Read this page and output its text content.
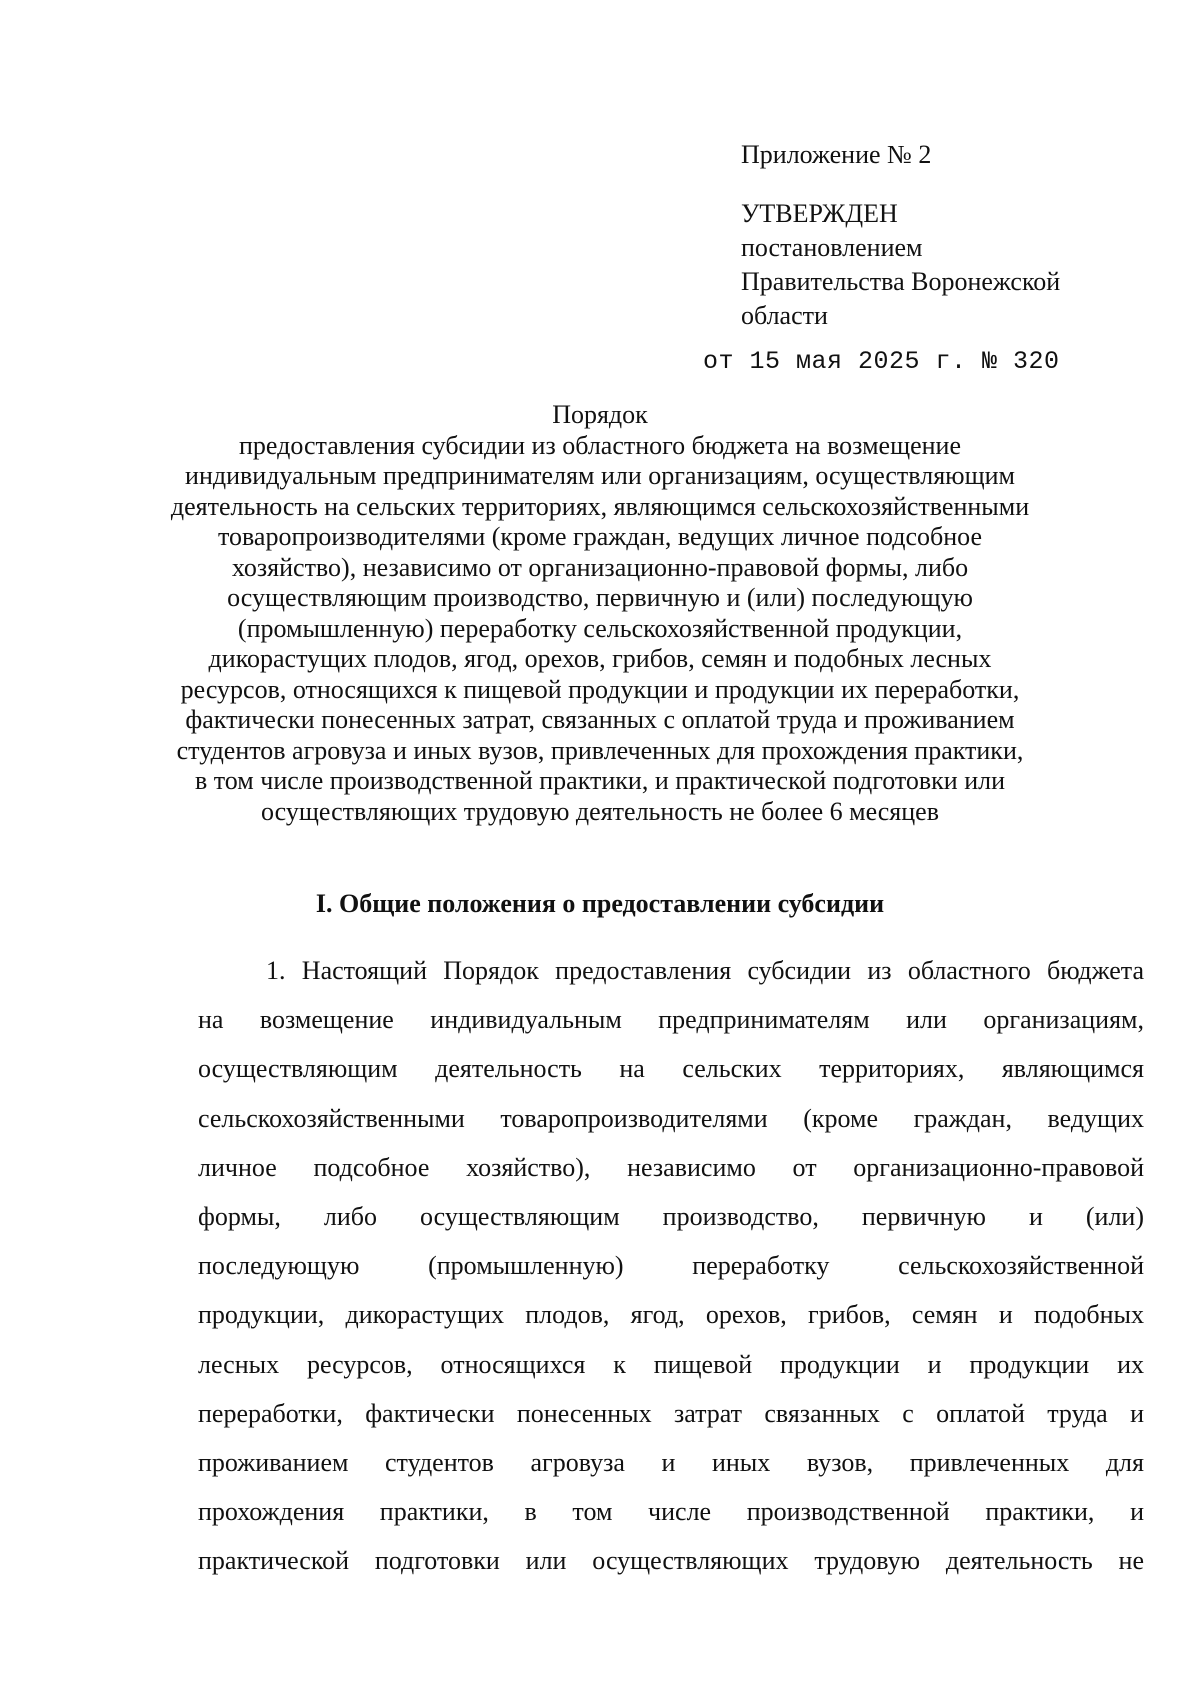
Приложение № 2
УТВЕРЖДЕН
постановлением
Правительства Воронежской
области
от 15 мая 2025 г. № 320
Порядок
предоставления субсидии из областного бюджета на возмещение
индивидуальным предпринимателям или организациям, осуществляющим
деятельность на сельских территориях, являющимся сельскохозяйственными
товаропроизводителями (кроме граждан, ведущих личное подсобное
хозяйство), независимо от организационно-правовой формы, либо
осуществляющим производство, первичную и (или) последующую
(промышленную) переработку сельскохозяйственной продукции,
дикорастущих плодов, ягод, орехов, грибов, семян и подобных лесных
ресурсов, относящихся к пищевой продукции и продукции их переработки,
фактически понесенных затрат, связанных с оплатой труда и проживанием
студентов агровуза и иных вузов, привлеченных для прохождения практики,
в том числе производственной практики, и практической подготовки или
осуществляющих трудовую деятельность не более 6 месяцев
I. Общие положения о предоставлении субсидии
1. Настоящий Порядок предоставления субсидии из областного бюджета
на возмещение индивидуальным предпринимателям или организациям,
осуществляющим деятельность на сельских территориях, являющимся
сельскохозяйственными товаропроизводителями (кроме граждан, ведущих
личное подсобное хозяйство), независимо от организационно-правовой
формы, либо осуществляющим производство, первичную и (или)
последующую (промышленную) переработку сельскохозяйственной
продукции, дикорастущих плодов, ягод, орехов, грибов, семян и подобных
лесных ресурсов, относящихся к пищевой продукции и продукции их
переработки, фактически понесенных затрат связанных с оплатой труда и
проживанием студентов агровуза и иных вузов, привлеченных для
прохождения практики, в том числе производственной практики, и
практической подготовки или осуществляющих трудовую деятельность не
